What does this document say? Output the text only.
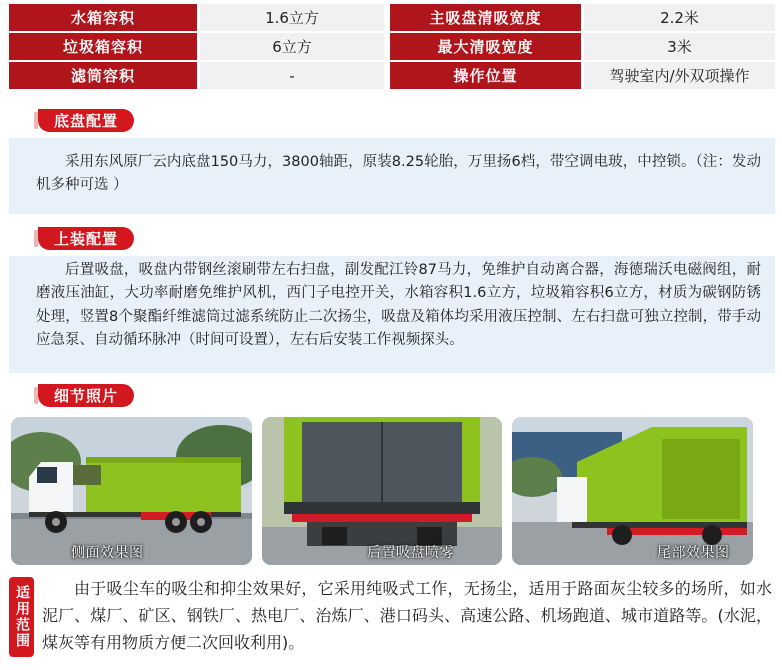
水箱容积	1.6立方	主吸盘清吸宽度	2.2米
垃圾箱容积	6立方	最大清吸宽度	3米
滤筒容积	-	操作位置	驾驶室内/外双项操作
底盘配置
采用东风原厂云内底盘150马力，3800轴距，原装8.25轮胎，万里扬6档，带空调电玻，中控锁。（注：发动机多种可选 ）
上装配置
后置吸盘，吸盘内带钢丝滚刷带左右扫盘，副发配江铃87马力，免维护自动离合器，海德瑞沃电磁阀组，耐磨液压油缸，大功率耐磨免维护风机，西门子电控开关，水箱容积1.6立方，垃圾箱容积6立方，材质为碳钢防锈处理，竖置8个聚酯纤维滤筒过滤系统防止二次扬尘，吸盘及箱体均采用液压控制、左右扫盘可独立控制，带手动应急泵、自动循环脉冲（时间可设置），左右后安装工作视频探头。
细节照片
侧面效果图	后置吸盘喷雾	尾部效果图
适用范围	由于吸尘车的吸尘和抑尘效果好，它采用纯吸式工作，无扬尘，适用于路面灰尘较多的场所，如水泥厂、煤厂、矿区、钢铁厂、热电厂、治炼厂、港口码头、高速公路、机场跑道、城市道路等。(水泥，煤灰等有用物质方便二次回收利用)。
